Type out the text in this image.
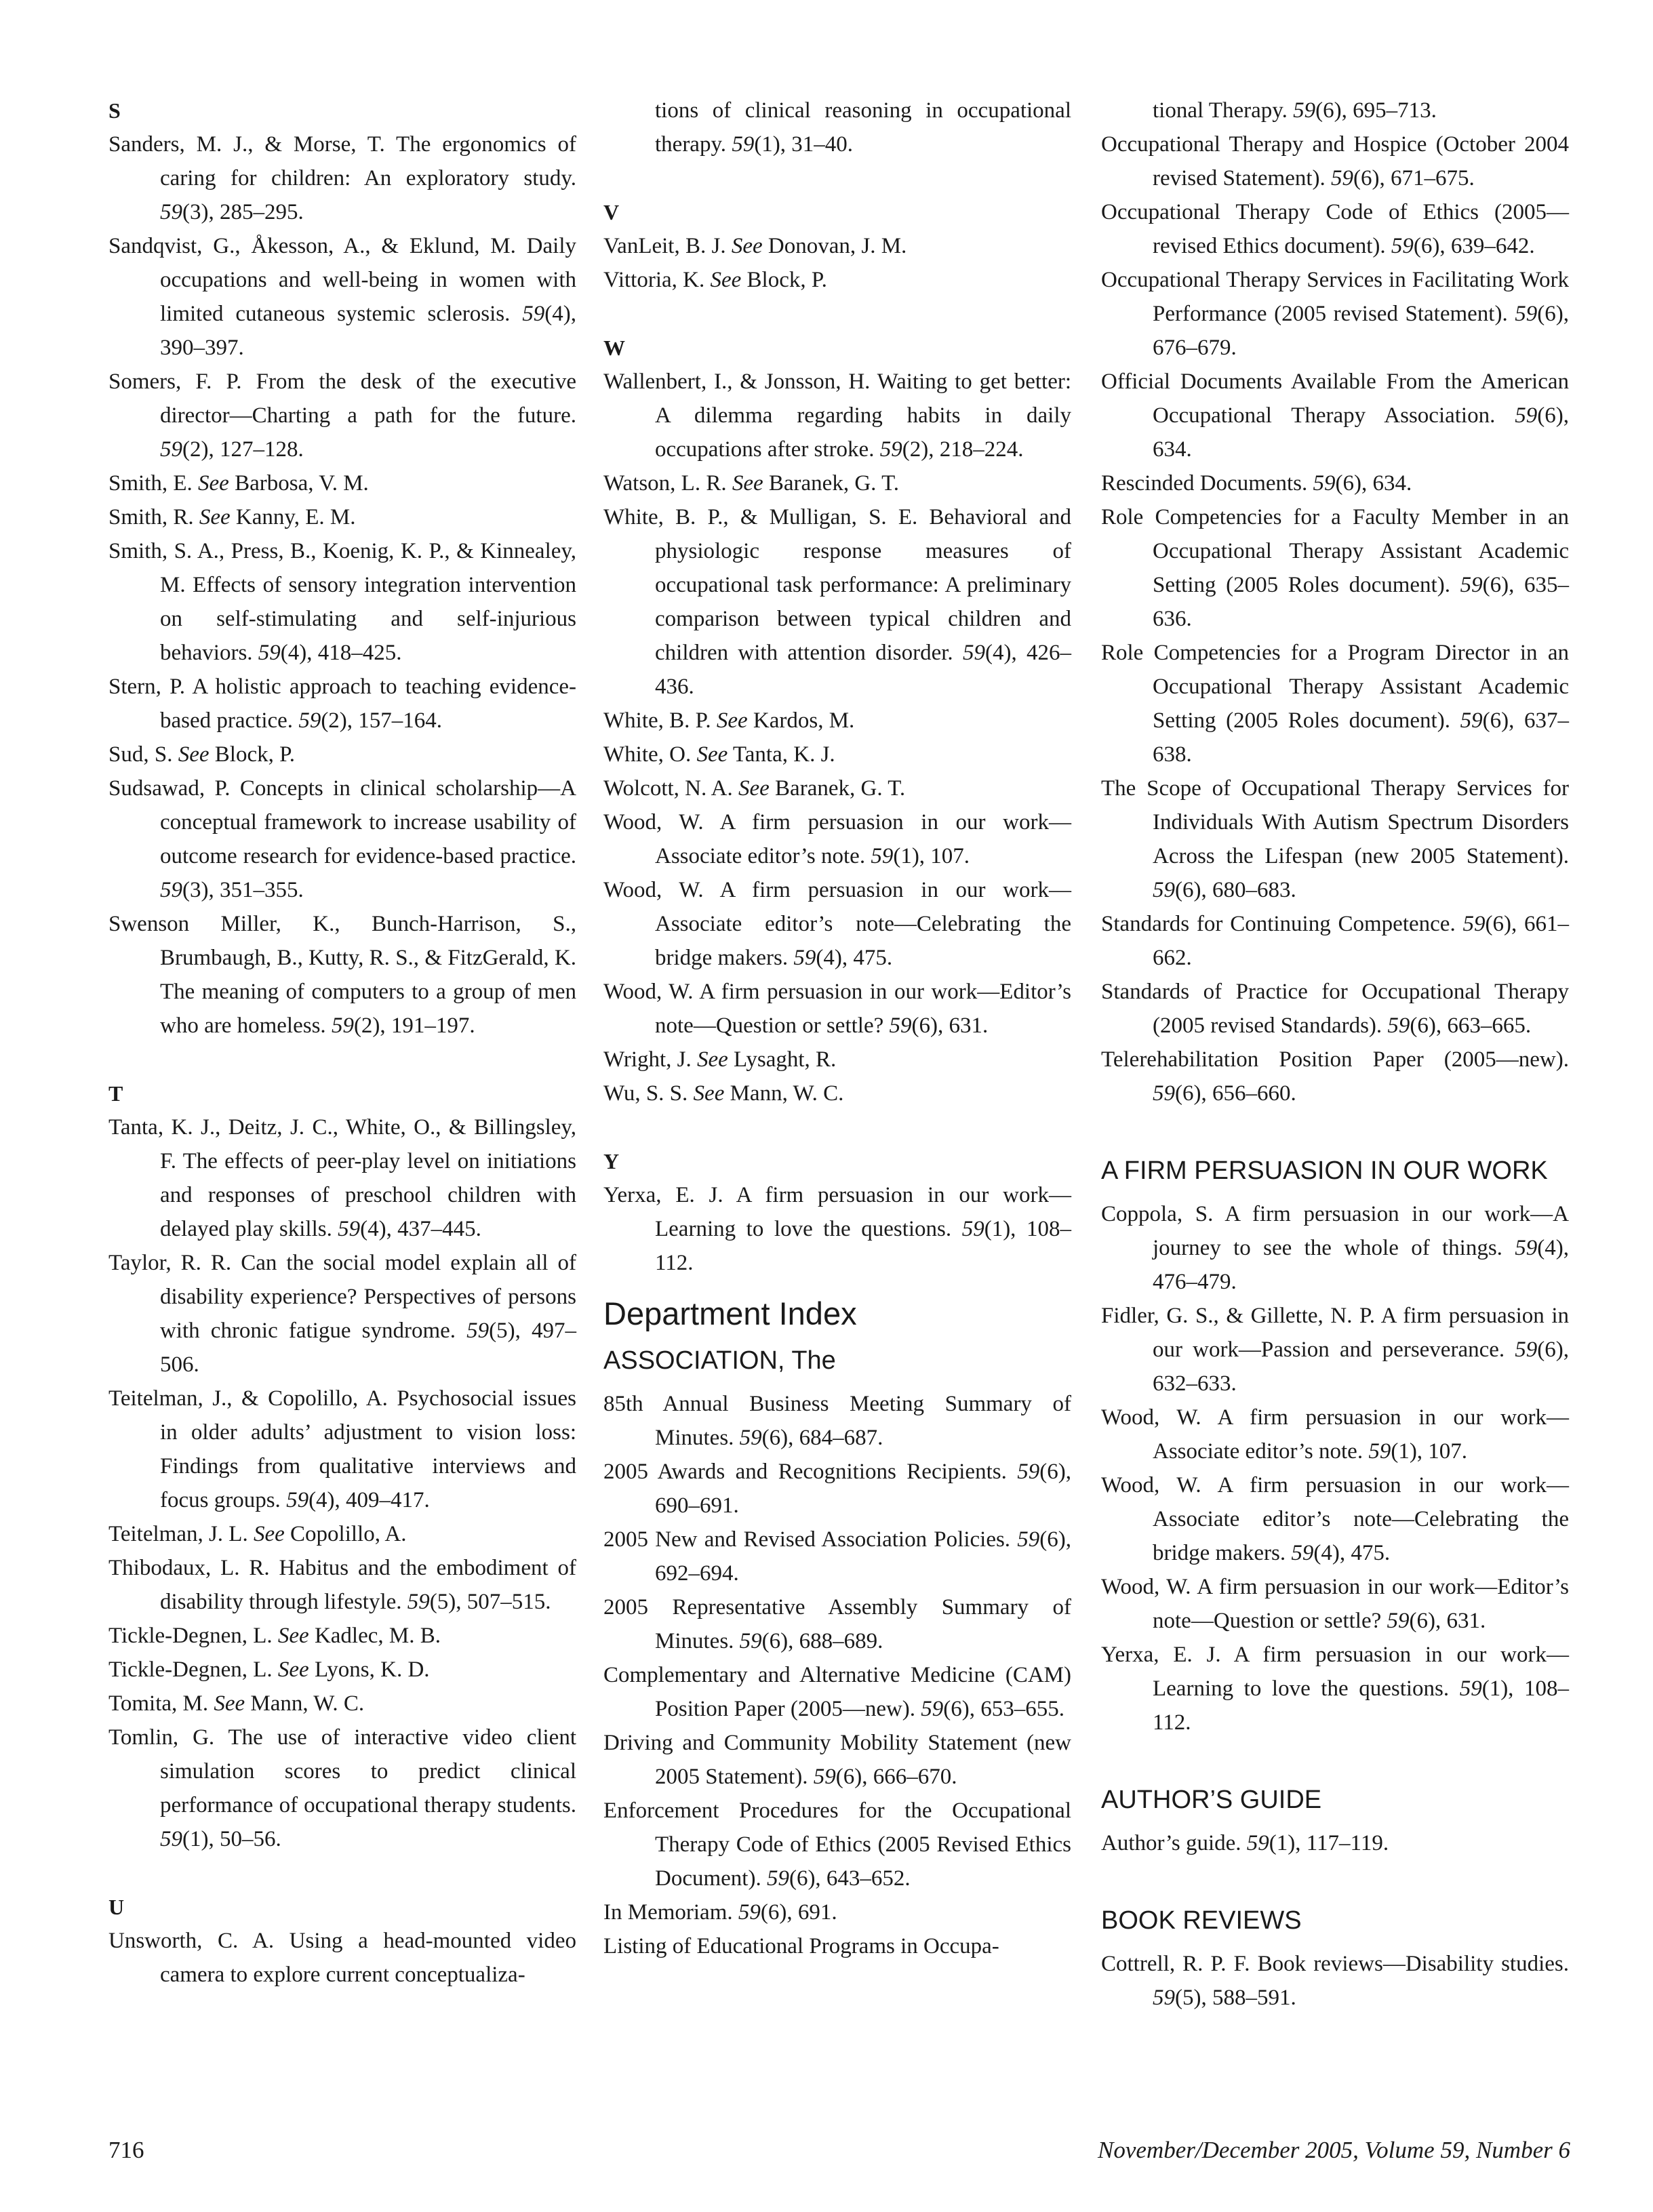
S
Sanders, M. J., & Morse, T. The ergonomics of caring for children: An exploratory study. 59(3), 285–295.
Sandqvist, G., Åkesson, A., & Eklund, M. Daily occupations and well-being in women with limited cutaneous systemic sclerosis. 59(4), 390–397.
Somers, F. P. From the desk of the executive director—Charting a path for the future. 59(2), 127–128.
Smith, E. See Barbosa, V. M.
Smith, R. See Kanny, E. M.
Smith, S. A., Press, B., Koenig, K. P., & Kinnealey, M. Effects of sensory integration intervention on self-stimulating and self-injurious behaviors. 59(4), 418–425.
Stern, P. A holistic approach to teaching evidence-based practice. 59(2), 157–164.
Sud, S. See Block, P.
Sudsawad, P. Concepts in clinical scholarship—A conceptual framework to increase usability of outcome research for evidence-based practice. 59(3), 351–355.
Swenson Miller, K., Bunch-Harrison, S., Brumbaugh, B., Kutty, R. S., & FitzGerald, K. The meaning of computers to a group of men who are homeless. 59(2), 191–197.
T
Tanta, K. J., Deitz, J. C., White, O., & Billingsley, F. The effects of peer-play level on initiations and responses of preschool children with delayed play skills. 59(4), 437–445.
Taylor, R. R. Can the social model explain all of disability experience? Perspectives of persons with chronic fatigue syndrome. 59(5), 497–506.
Teitelman, J., & Copolillo, A. Psychosocial issues in older adults’ adjustment to vision loss: Findings from qualitative interviews and focus groups. 59(4), 409–417.
Teitelman, J. L. See Copolillo, A.
Thibodaux, L. R. Habitus and the embodiment of disability through lifestyle. 59(5), 507–515.
Tickle-Degnen, L. See Kadlec, M. B.
Tickle-Degnen, L. See Lyons, K. D.
Tomita, M. See Mann, W. C.
Tomlin, G. The use of interactive video client simulation scores to predict clinical performance of occupational therapy students. 59(1), 50–56.
U
Unsworth, C. A. Using a head-mounted video camera to explore current conceptualiza-
tions of clinical reasoning in occupational therapy. 59(1), 31–40.
V
VanLeit, B. J. See Donovan, J. M.
Vittoria, K. See Block, P.
W
Wallenbert, I., & Jonsson, H. Waiting to get better: A dilemma regarding habits in daily occupations after stroke. 59(2), 218–224.
Watson, L. R. See Baranek, G. T.
White, B. P., & Mulligan, S. E. Behavioral and physiologic response measures of occupational task performance: A preliminary comparison between typical children and children with attention disorder. 59(4), 426–436.
White, B. P. See Kardos, M.
White, O. See Tanta, K. J.
Wolcott, N. A. See Baranek, G. T.
Wood, W. A firm persuasion in our work—Associate editor’s note. 59(1), 107.
Wood, W. A firm persuasion in our work—Associate editor’s note—Celebrating the bridge makers. 59(4), 475.
Wood, W. A firm persuasion in our work—Editor’s note—Question or settle? 59(6), 631.
Wright, J. See Lysaght, R.
Wu, S. S. See Mann, W. C.
Y
Yerxa, E. J. A firm persuasion in our work—Learning to love the questions. 59(1), 108–112.
Department Index
ASSOCIATION, The
85th Annual Business Meeting Summary of Minutes. 59(6), 684–687.
2005 Awards and Recognitions Recipients. 59(6), 690–691.
2005 New and Revised Association Policies. 59(6), 692–694.
2005 Representative Assembly Summary of Minutes. 59(6), 688–689.
Complementary and Alternative Medicine (CAM) Position Paper (2005—new). 59(6), 653–655.
Driving and Community Mobility Statement (new 2005 Statement). 59(6), 666–670.
Enforcement Procedures for the Occupational Therapy Code of Ethics (2005 Revised Ethics Document). 59(6), 643–652.
In Memoriam. 59(6), 691.
Listing of Educational Programs in Occupa-
tional Therapy. 59(6), 695–713.
Occupational Therapy and Hospice (October 2004 revised Statement). 59(6), 671–675.
Occupational Therapy Code of Ethics (2005—revised Ethics document). 59(6), 639–642.
Occupational Therapy Services in Facilitating Work Performance (2005 revised Statement). 59(6), 676–679.
Official Documents Available From the American Occupational Therapy Association. 59(6), 634.
Rescinded Documents. 59(6), 634.
Role Competencies for a Faculty Member in an Occupational Therapy Assistant Academic Setting (2005 Roles document). 59(6), 635–636.
Role Competencies for a Program Director in an Occupational Therapy Assistant Academic Setting (2005 Roles document). 59(6), 637–638.
The Scope of Occupational Therapy Services for Individuals With Autism Spectrum Disorders Across the Lifespan (new 2005 Statement). 59(6), 680–683.
Standards for Continuing Competence. 59(6), 661–662.
Standards of Practice for Occupational Therapy (2005 revised Standards). 59(6), 663–665.
Telerehabilitation Position Paper (2005—new). 59(6), 656–660.
A FIRM PERSUASION IN OUR WORK
Coppola, S. A firm persuasion in our work—A journey to see the whole of things. 59(4), 476–479.
Fidler, G. S., & Gillette, N. P. A firm persuasion in our work—Passion and perseverance. 59(6), 632–633.
Wood, W. A firm persuasion in our work—Associate editor’s note. 59(1), 107.
Wood, W. A firm persuasion in our work—Associate editor’s note—Celebrating the bridge makers. 59(4), 475.
Wood, W. A firm persuasion in our work—Editor’s note—Question or settle? 59(6), 631.
Yerxa, E. J. A firm persuasion in our work—Learning to love the questions. 59(1), 108–112.
AUTHOR’S GUIDE
Author’s guide. 59(1), 117–119.
BOOK REVIEWS
Cottrell, R. P. F. Book reviews—Disability studies. 59(5), 588–591.
716	November/December 2005, Volume 59, Number 6
